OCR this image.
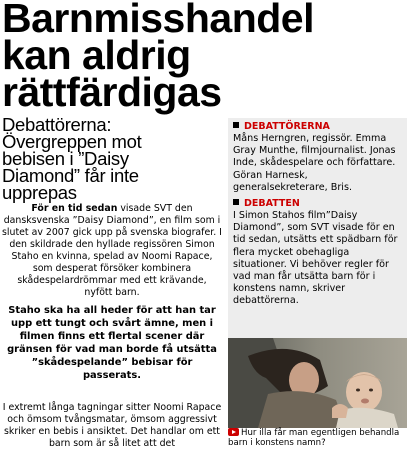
Barnmisshandel
kan aldrig
rättfärdigas
Debattörerna:
Övergreppen mot
bebisen i ”Daisy
Diamond” får inte
upprepas

För en tid sedan visade SVT den dansksvenska ”Daisy Diamond”, en film som i slutet av 2007 gick upp på svenska biografer. I den skildrade den hyllade regissören Simon Staho en kvinna, spelad av Noomi Rapace, som desperat försöker kombinera skådespelardrömmar med ett krävande, nyfött barn.

Staho ska ha all heder för att han tar upp ett tungt och svårt ämne, men i filmen finns ett flertal scener där gränsen för vad man borde få utsätta ”skådespelande” bebisar för passerats.

I extremt långa tagningar sitter Noomi Rapace och ömsom tvångsmatar, ömsom aggressivt skriker en bebis i ansiktet. Det handlar om ett barn som är så litet att det

DEBATTÖRERNA

Måns Herngren, regissör. Emma Gray Munthe, filmjournalist. Jonas Inde, skådespelare och författare. Göran Harnesk, generalsekreterare, Bris.

DEBATTEN

I Simon Stahos film”Daisy Diamond”, som SVT visade för en tid sedan, utsätts ett spädbarn för flera mycket obehagliga situationer. Vi behöver regler för vad man får utsätta barn för i konstens namn, skriver debattörerna.

Hur illa får man egentligen behandla barn i konstens namn?
